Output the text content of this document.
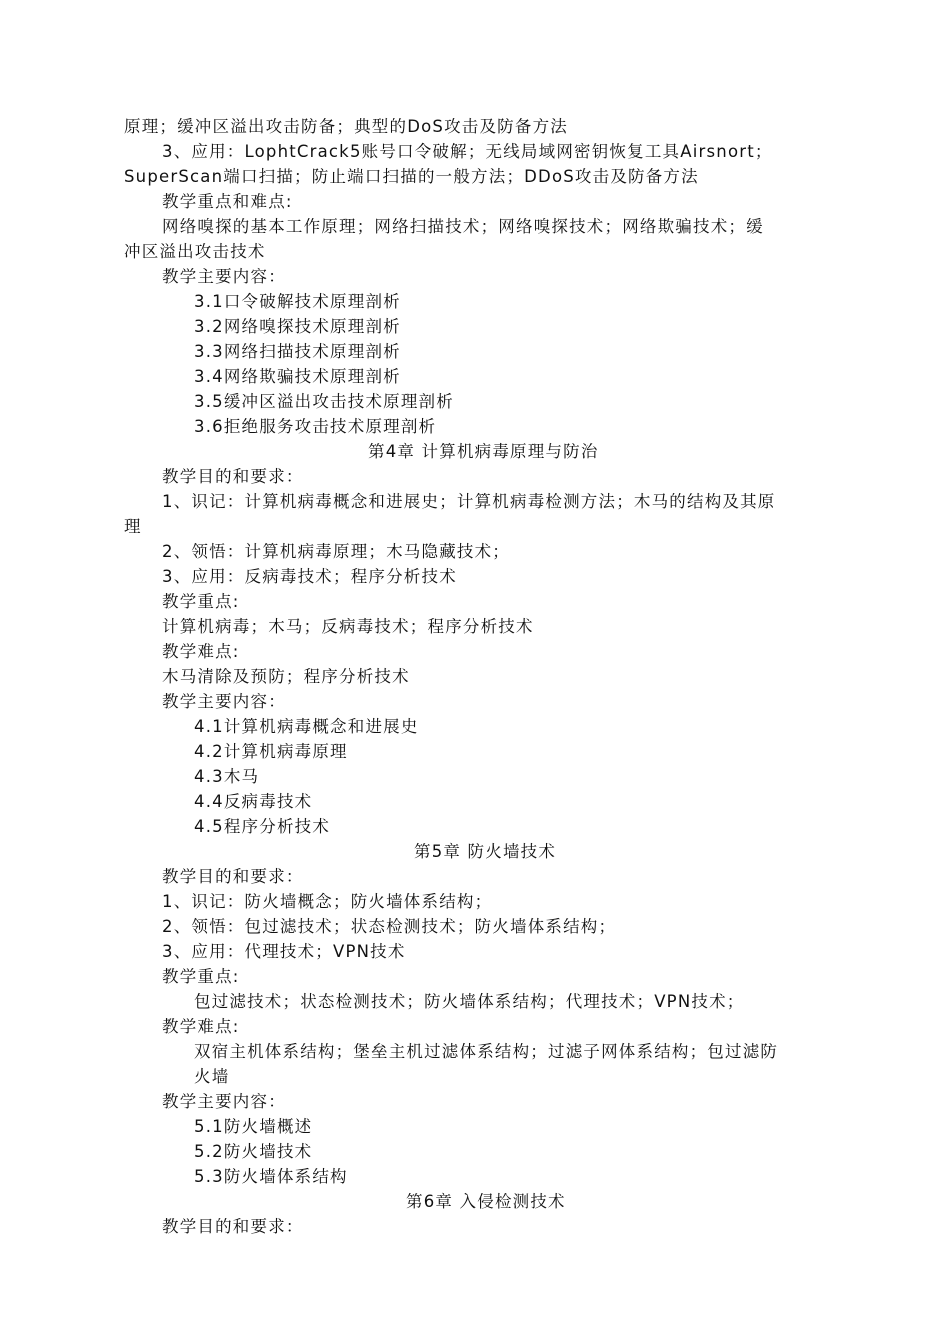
原理；缓冲区溢出攻击防备；典型的DoS攻击及防备方法
3、应用：LophtCrack5账号口令破解；无线局域网密钥恢复工具Airsnort；
SuperScan端口扫描；防止端口扫描的一般方法；DDoS攻击及防备方法
教学重点和难点:
网络嗅探的基本工作原理；网络扫描技术；网络嗅探技术；网络欺骗技术；缓
冲区溢出攻击技术
教学主要内容：
3.1口令破解技术原理剖析
3.2网络嗅探技术原理剖析
3.3网络扫描技术原理剖析
3.4网络欺骗技术原理剖析
3.5缓冲区溢出攻击技术原理剖析
3.6拒绝服务攻击技术原理剖析
第4章 计算机病毒原理与防治
教学目的和要求：
1、识记：计算机病毒概念和进展史；计算机病毒检测方法；木马的结构及其原
理
2、领悟：计算机病毒原理；木马隐藏技术；
3、应用：反病毒技术；程序分析技术
教学重点:
计算机病毒；木马；反病毒技术；程序分析技术
教学难点:
木马清除及预防；程序分析技术
教学主要内容：
4.1计算机病毒概念和进展史
4.2计算机病毒原理
4.3木马
4.4反病毒技术
4.5程序分析技术
第5章 防火墙技术
教学目的和要求：
1、识记：防火墙概念；防火墙体系结构；
2、领悟：包过滤技术；状态检测技术；防火墙体系结构；
3、应用：代理技术；VPN技术
教学重点:
包过滤技术；状态检测技术；防火墙体系结构；代理技术；VPN技术；
教学难点:
双宿主机体系结构；堡垒主机过滤体系结构；过滤子网体系结构；包过滤防
火墙
教学主要内容：
5.1防火墙概述
5.2防火墙技术
5.3防火墙体系结构
第6章 入侵检测技术
教学目的和要求：
